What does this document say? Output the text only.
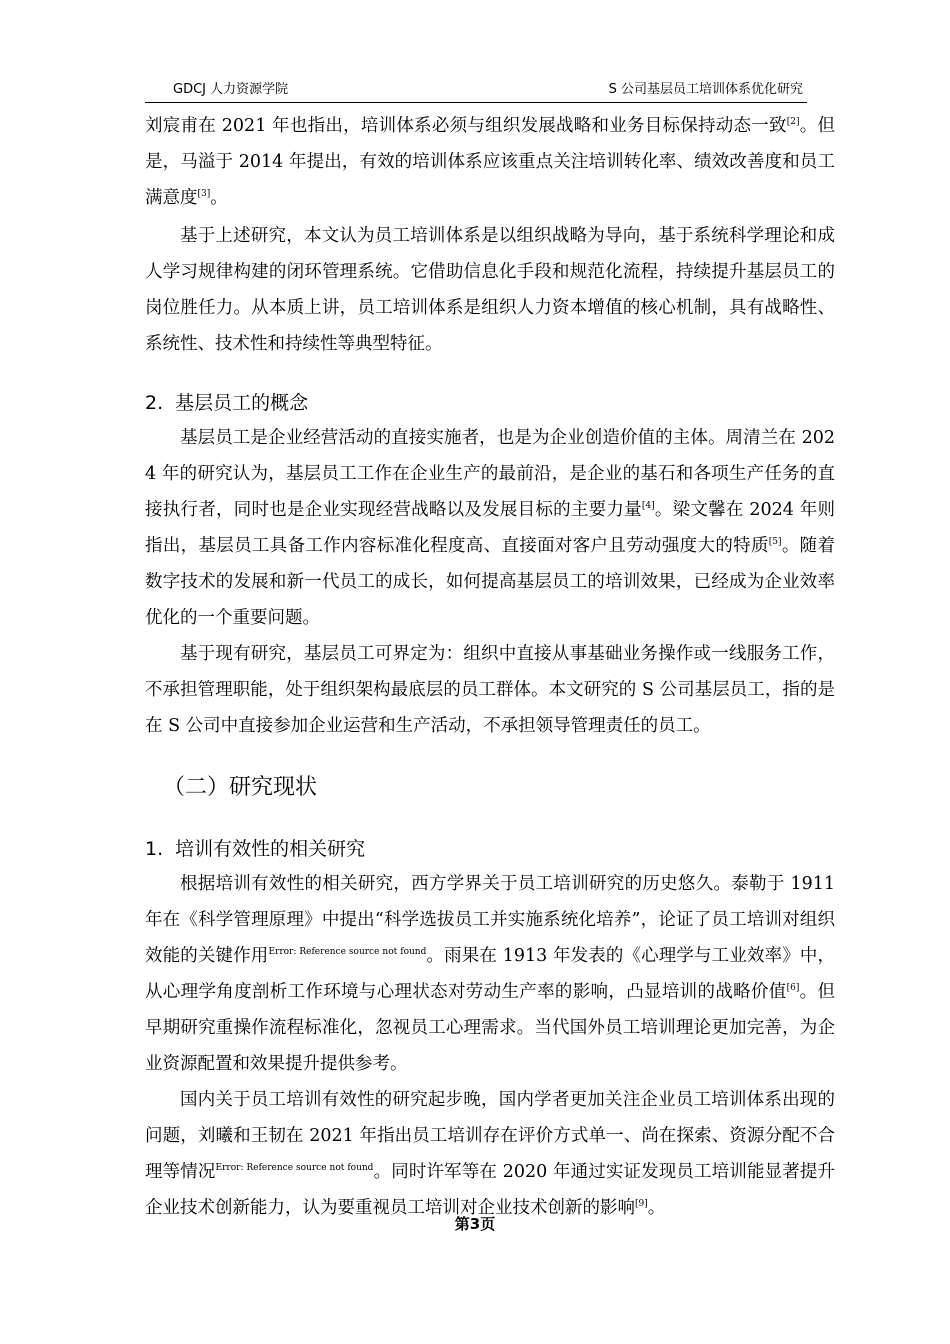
GDCJ 人力资源学院	S 公司基层员工培训体系优化研究

刘宸甫在 2021 年也指出，培训体系必须与组织发展战略和业务目标保持动态一致[2]。但是，马溢于 2014 年提出，有效的培训体系应该重点关注培训转化率、绩效改善度和员工满意度[3]。

基于上述研究，本文认为员工培训体系是以组织战略为导向，基于系统科学理论和成人学习规律构建的闭环管理系统。它借助信息化手段和规范化流程，持续提升基层员工的岗位胜任力。从本质上讲，员工培训体系是组织人力资本增值的核心机制，具有战略性、系统性、技术性和持续性等典型特征。

2. 基层员工的概念

基层员工是企业经营活动的直接实施者，也是为企业创造价值的主体。周清兰在 2024 年的研究认为，基层员工工作在企业生产的最前沿，是企业的基石和各项生产任务的直接执行者，同时也是企业实现经营战略以及发展目标的主要力量[4]。梁文馨在 2024 年则指出，基层员工具备工作内容标准化程度高、直接面对客户且劳动强度大的特质[5]。随着数字技术的发展和新一代员工的成长，如何提高基层员工的培训效果，已经成为企业效率优化的一个重要问题。

基于现有研究，基层员工可界定为：组织中直接从事基础业务操作或一线服务工作，不承担管理职能，处于组织架构最底层的员工群体。本文研究的 S 公司基层员工，指的是在 S 公司中直接参加企业运营和生产活动，不承担领导管理责任的员工。

（二）研究现状
1. 培训有效性的相关研究

根据培训有效性的相关研究，西方学界关于员工培训研究的历史悠久。泰勒于 1911 年在《科学管理原理》中提出“科学选拔员工并实施系统化培养”，论证了员工培训对组织效能的关键作用$^{Error: Reference source not found}$。雨果在 1913 年发表的《心理学与工业效率》中，从心理学角度剖析工作环境与心理状态对劳动生产率的影响，凸显培训的战略价值[6]。但早期研究重操作流程标准化，忽视员工心理需求。当代国外员工培训理论更加完善，为企业资源配置和效果提升提供参考。

国内关于员工培训有效性的研究起步晚，国内学者更加关注企业员工培训体系出现的问题，刘曦和王韧在 2021 年指出员工培训存在评价方式单一、尚在探索、资源分配不合理等情况$^{Error: Reference source not found}$。同时许军等在 2020 年通过实证发现员工培训能显著提升企业技术创新能力，认为要重视员工培训对企业技术创新的影响[9]。

第3页
